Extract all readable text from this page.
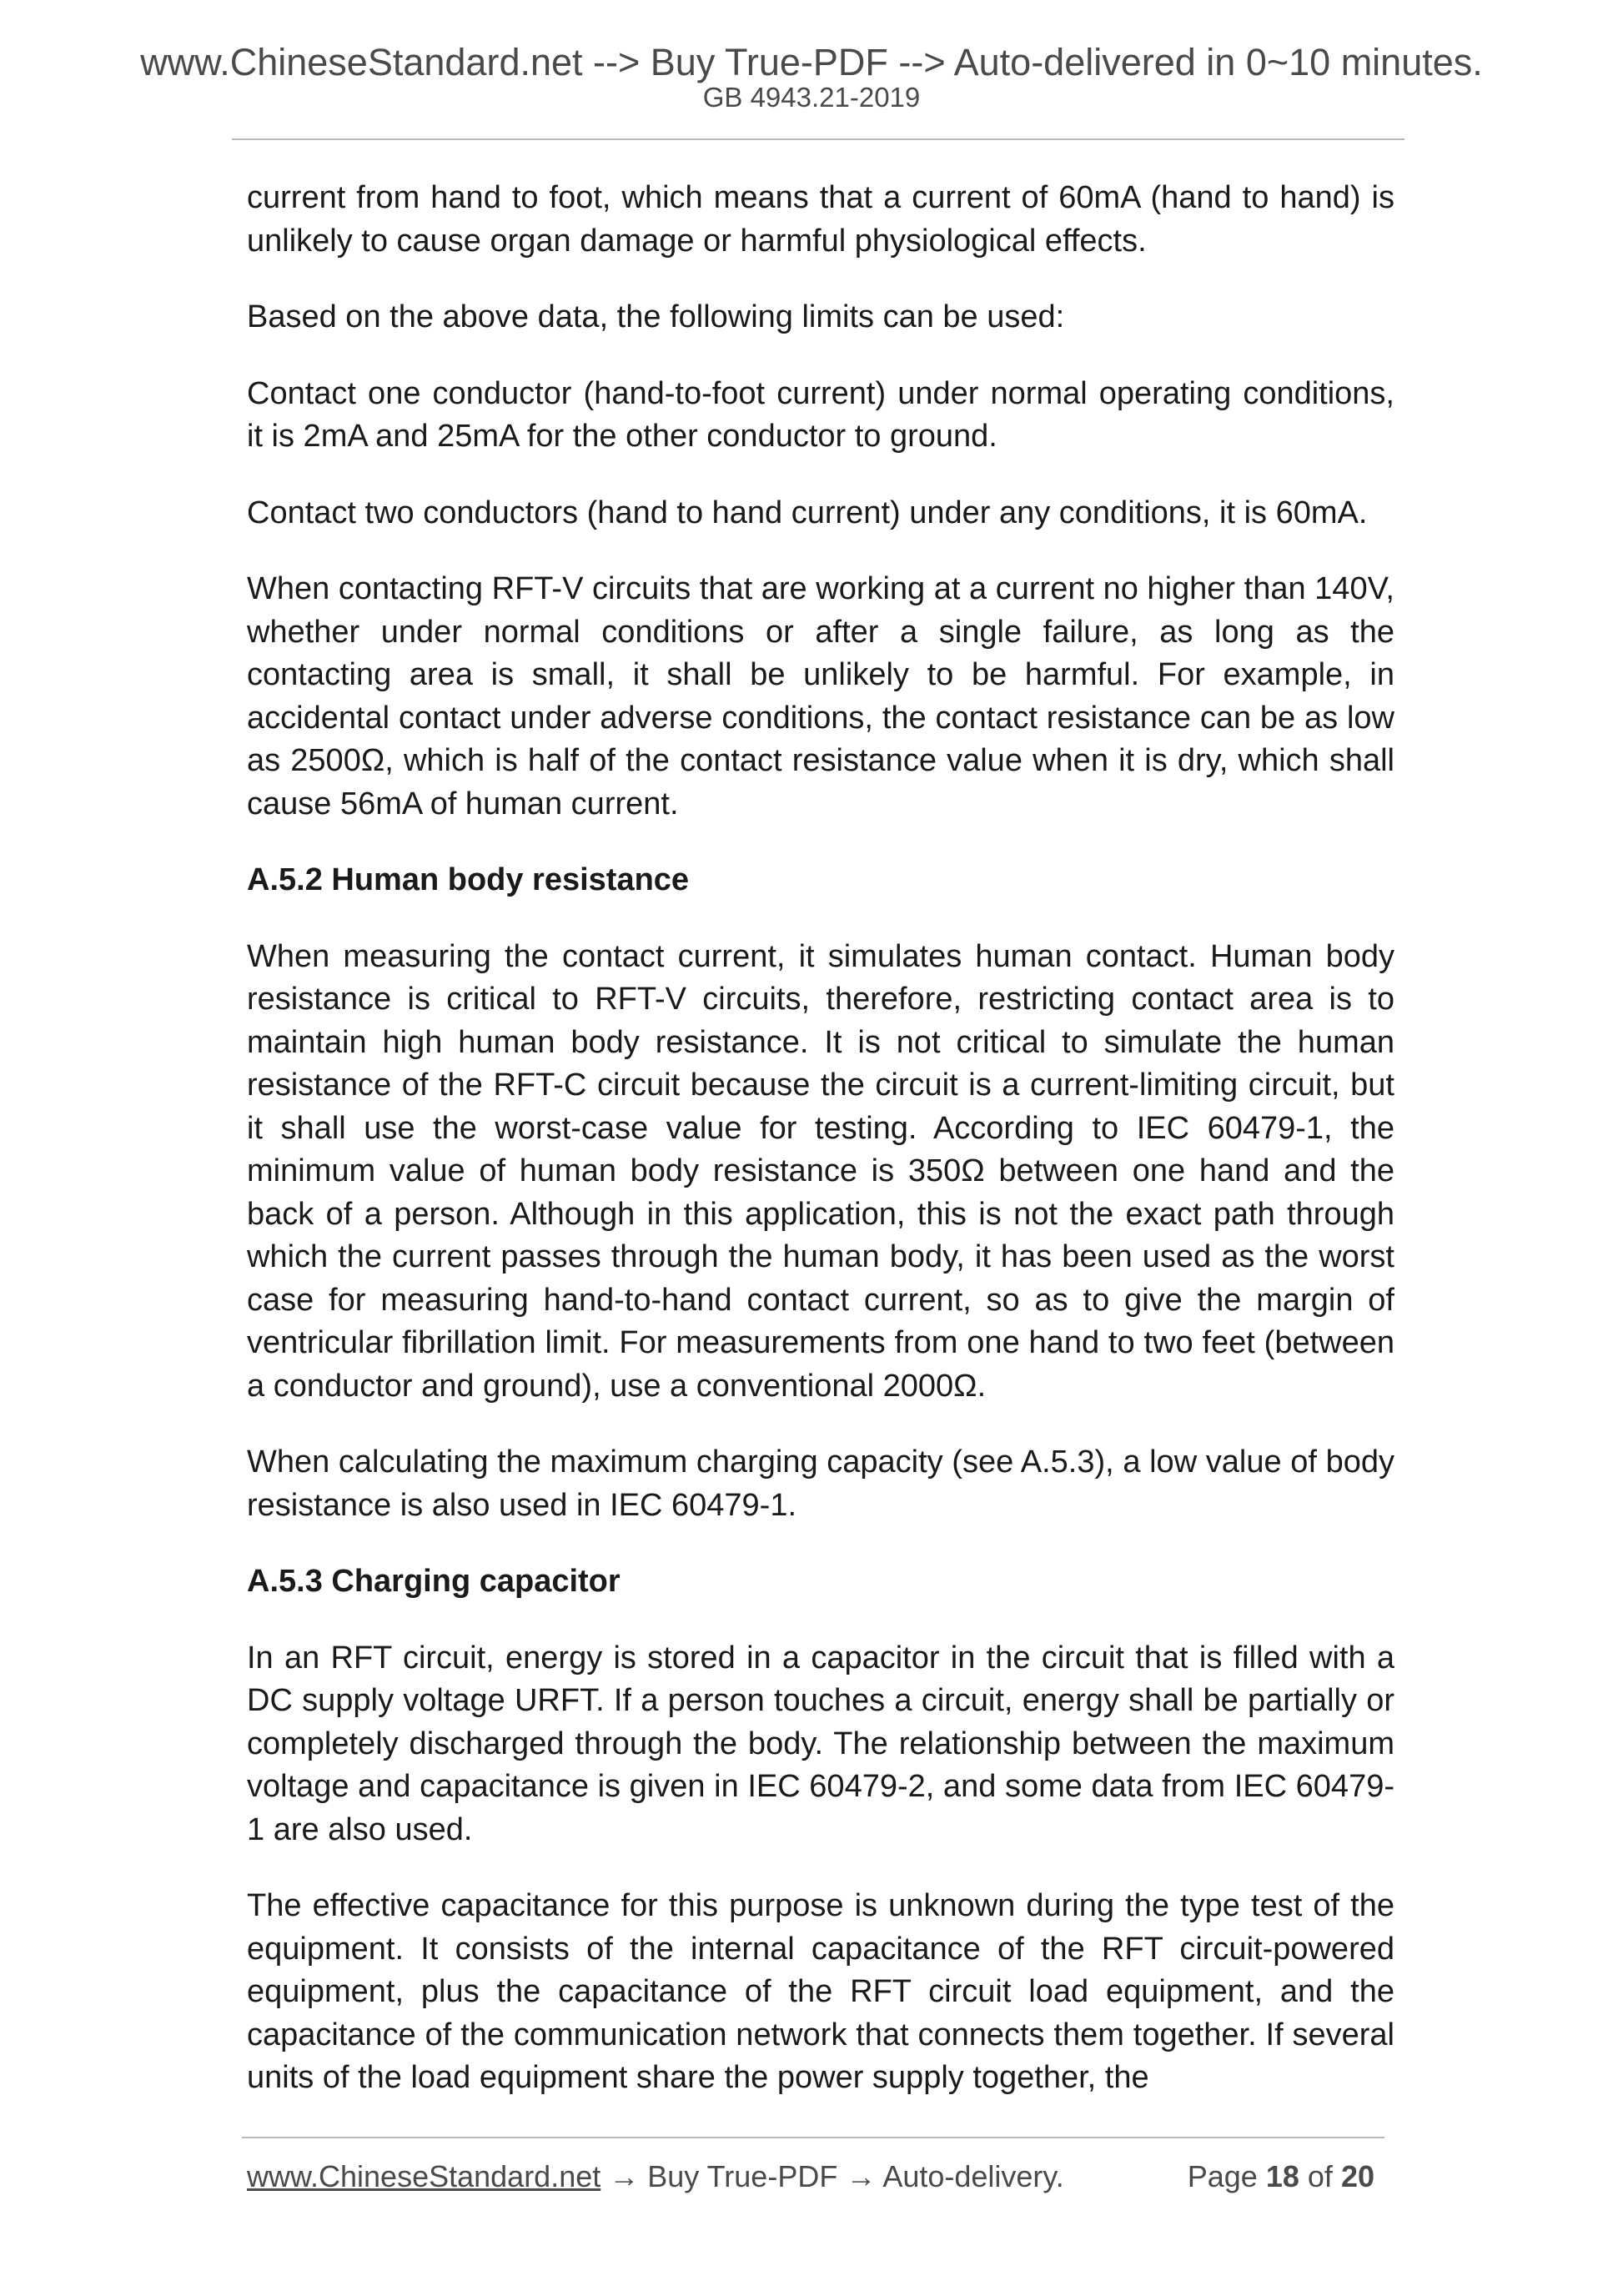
www.ChineseStandard.net --> Buy True-PDF --> Auto-delivered in 0~10 minutes.
GB 4943.21-2019

current from hand to foot, which means that a current of 60mA (hand to hand) is unlikely to cause organ damage or harmful physiological effects.

Based on the above data, the following limits can be used:

Contact one conductor (hand-to-foot current) under normal operating conditions, it is 2mA and 25mA for the other conductor to ground.

Contact two conductors (hand to hand current) under any conditions, it is 60mA.

When contacting RFT-V circuits that are working at a current no higher than 140V, whether under normal conditions or after a single failure, as long as the contacting area is small, it shall be unlikely to be harmful. For example, in accidental contact under adverse conditions, the contact resistance can be as low as 2500Ω, which is half of the contact resistance value when it is dry, which shall cause 56mA of human current.

A.5.2 Human body resistance

When measuring the contact current, it simulates human contact. Human body resistance is critical to RFT-V circuits, therefore, restricting contact area is to maintain high human body resistance. It is not critical to simulate the human resistance of the RFT-C circuit because the circuit is a current-limiting circuit, but it shall use the worst-case value for testing. According to IEC 60479-1, the minimum value of human body resistance is 350Ω between one hand and the back of a person. Although in this application, this is not the exact path through which the current passes through the human body, it has been used as the worst case for measuring hand-to-hand contact current, so as to give the margin of ventricular fibrillation limit. For measurements from one hand to two feet (between a conductor and ground), use a conventional 2000Ω.

When calculating the maximum charging capacity (see A.5.3), a low value of body resistance is also used in IEC 60479-1.

A.5.3 Charging capacitor

In an RFT circuit, energy is stored in a capacitor in the circuit that is filled with a DC supply voltage URFT. If a person touches a circuit, energy shall be partially or completely discharged through the body. The relationship between the maximum voltage and capacitance is given in IEC 60479-2, and some data from IEC 60479-1 are also used.

The effective capacitance for this purpose is unknown during the type test of the equipment. It consists of the internal capacitance of the RFT circuit-powered equipment, plus the capacitance of the RFT circuit load equipment, and the capacitance of the communication network that connects them together. If several units of the load equipment share the power supply together, the

www.ChineseStandard.net → Buy True-PDF → Auto-delivery.	Page 18 of 20
